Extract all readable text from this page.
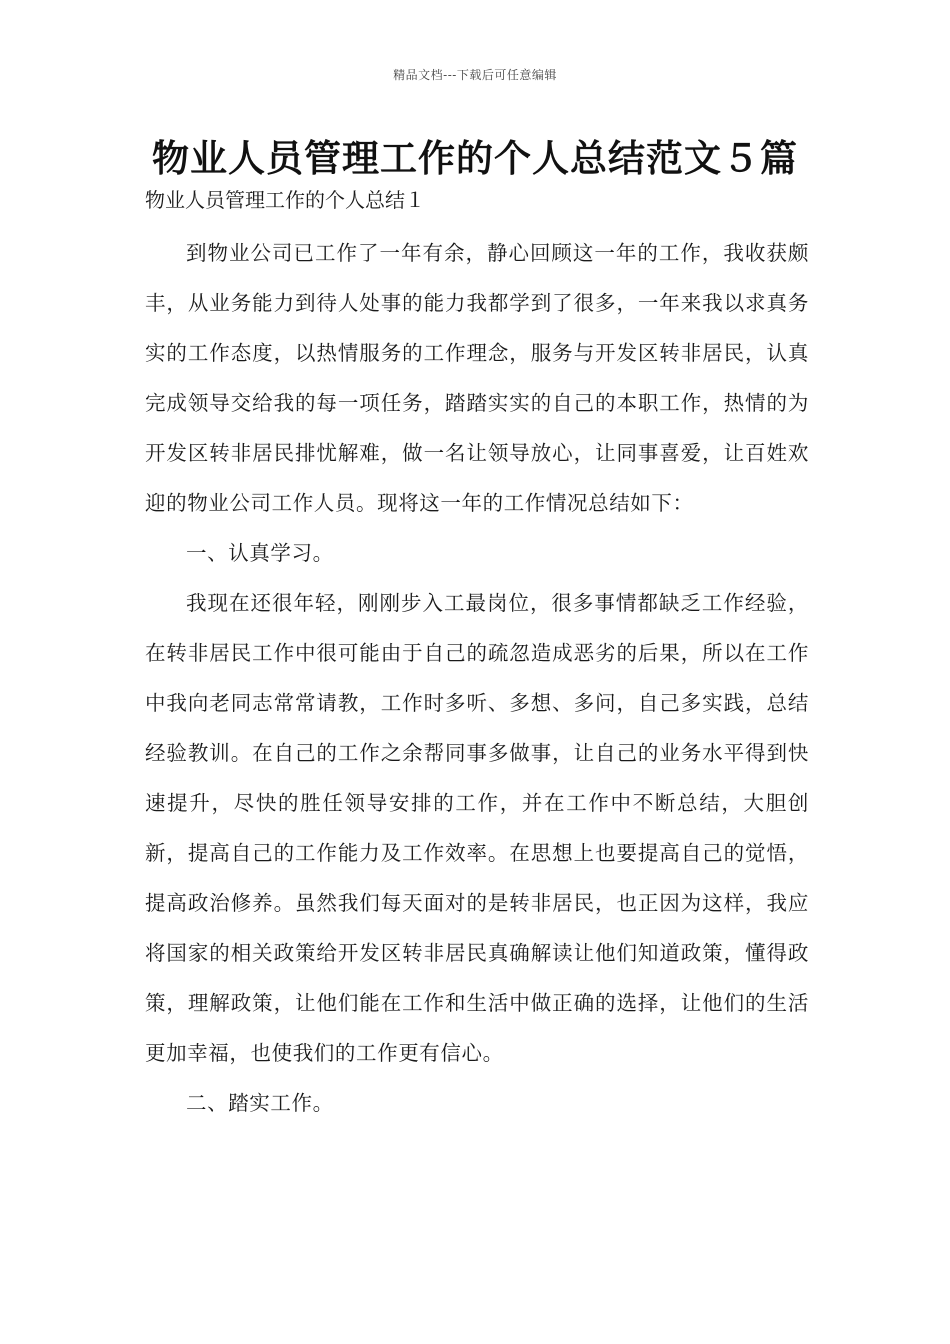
精品文档---下载后可任意编辑
物业人员管理工作的个人总结范文５篇

物业人员管理工作的个人总结１

到物业公司已工作了一年有余，静心回顾这一年的工作，我收获颇丰，从业务能力到待人处事的能力我都学到了很多，一年来我以求真务实的工作态度，以热情服务的工作理念，服务与开发区转非居民，认真完成领导交给我的每一项任务，踏踏实实的自己的本职工作，热情的为开发区转非居民排忧解难，做一名让领导放心，让同事喜爱，让百姓欢迎的物业公司工作人员。现将这一年的工作情况总结如下：

一、认真学习。

我现在还很年轻，刚刚步入工最岗位，很多事情都缺乏工作经验，在转非居民工作中很可能由于自己的疏忽造成恶劣的后果，所以在工作中我向老同志常常请教，工作时多听、多想、多问，自己多实践，总结经验教训。在自己的工作之余帮同事多做事，让自己的业务水平得到快速提升，尽快的胜任领导安排的工作，并在工作中不断总结，大胆创新，提高自己的工作能力及工作效率。在思想上也要提高自己的觉悟，提高政治修养。虽然我们每天面对的是转非居民，也正因为这样，我应将国家的相关政策给开发区转非居民真确解读让他们知道政策，懂得政策，理解政策，让他们能在工作和生活中做正确的选择，让他们的生活更加幸福，也使我们的工作更有信心。

二、踏实工作。
